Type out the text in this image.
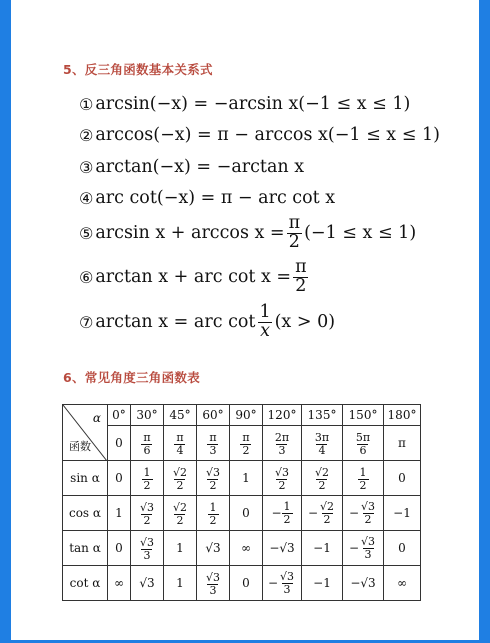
5、反三角函数基本关系式
① arcsin(−x) = −arcsin x(−1 ≤ x ≤ 1)
② arccos(−x) = π − arccos x(−1 ≤ x ≤ 1)
③ arctan(−x) = −arctan x
④ arc cot(−x) = π − arc cot x
⑤ $\arcsin x + \arccos x = \frac{\pi}{2} (-1 \le x \le 1)$
⑥ arctan x + arc $\cot x = \frac{\pi}{2}$
⑦ arctan x = arc $\cot \frac{1}{x} (x > 0)$
6、常见角度三角函数表
α
函数	0°	30°	45°	60°	90°	120°	135°	150°	180°
	0	$\frac{\pi}{6}$	$\frac{\pi}{4}$	$\frac{\pi}{3}$	$\frac{\pi}{2}$	$\frac{2\pi}{3}$	$\frac{3\pi}{4}$	$\frac{5\pi}{6}$	π
sin α	0	$\frac{1}{2}$	$\frac{√2}{2}$	$\frac{√3}{2}$	1	$\frac{√3}{2}$	$\frac{√2}{2}$	$\frac{1}{2}$	0
cos α	1	$\frac{√3}{2}$	$\frac{√2}{2}$	$\frac{1}{2}$	0	− $\frac{1}{2}$	− $\frac{√2}{2}$	− $\frac{√3}{2}$	−1
tan α	0	$\frac{√3}{3}$	1	√3	∞	−√3	−1	− $\frac{√3}{3}$	0
cot α	∞	√3	1	$\frac{√3}{3}$	0	− $\frac{√3}{3}$	−1	−√3	∞
